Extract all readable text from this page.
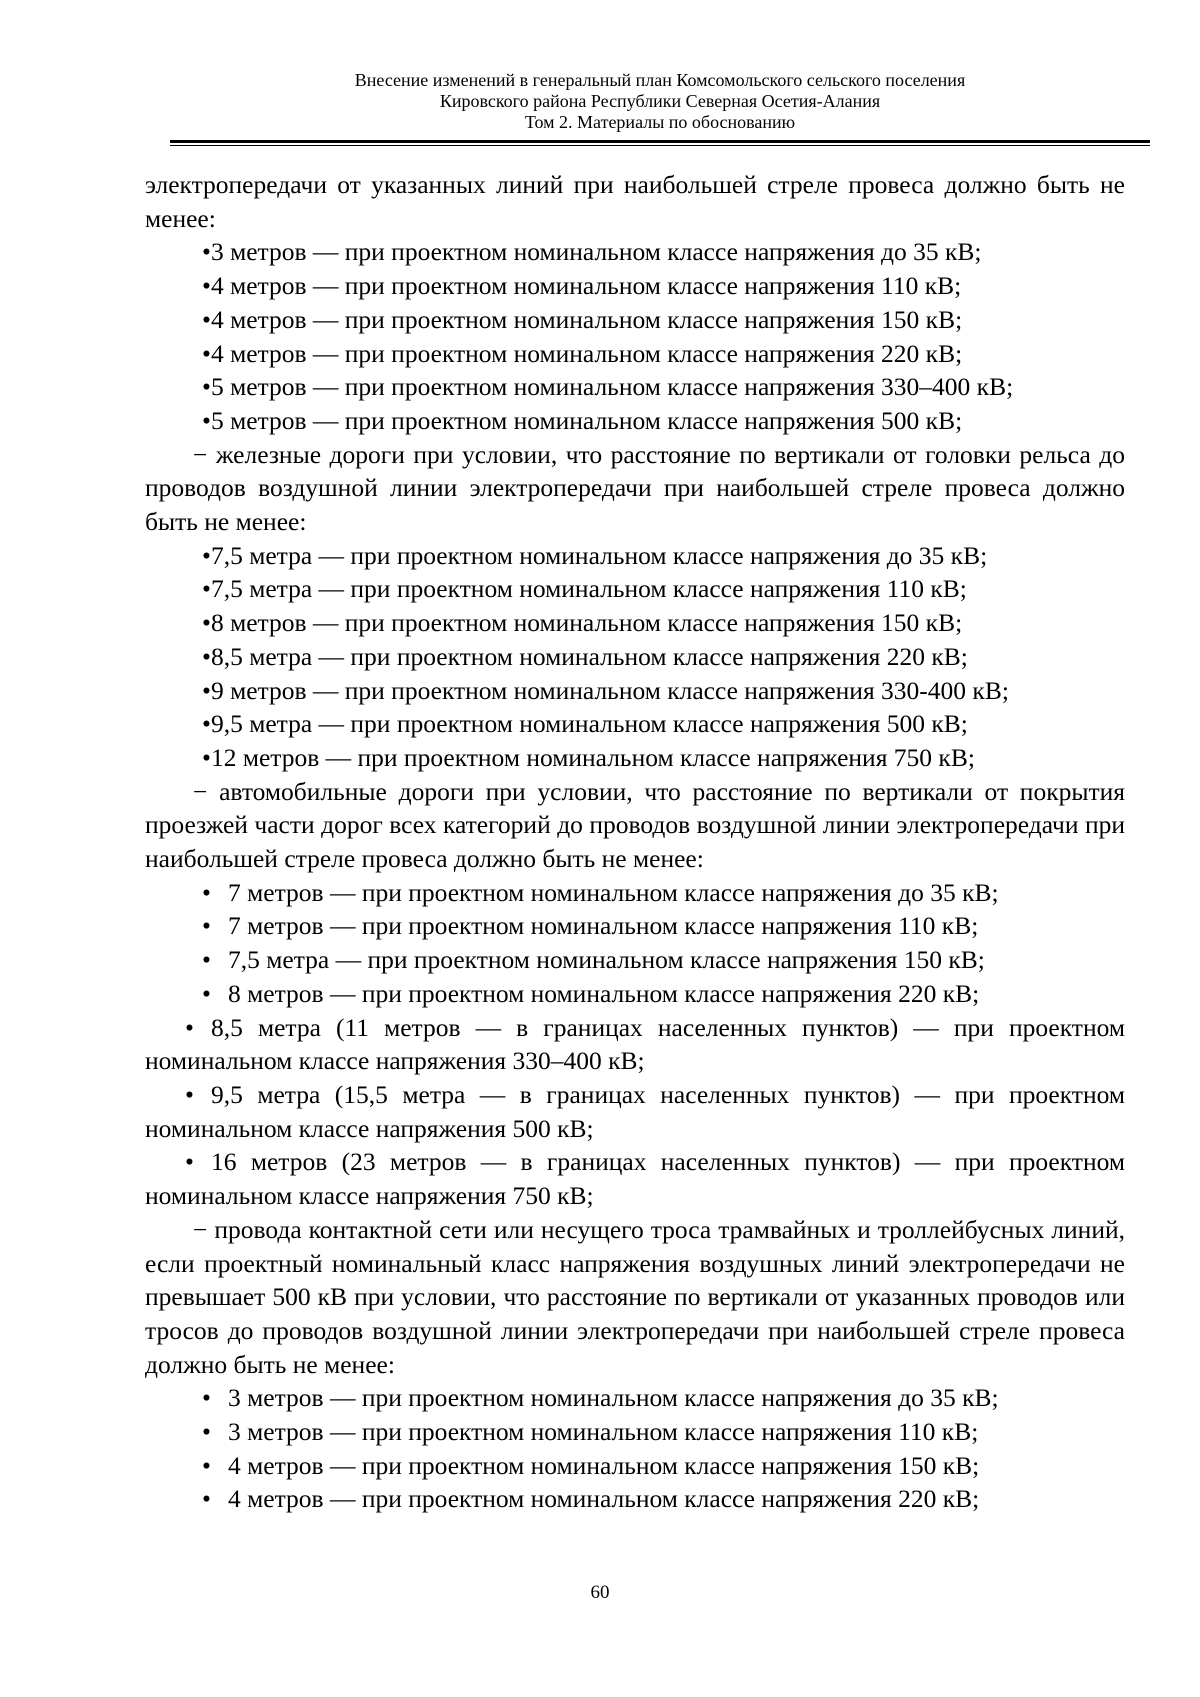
Внесение изменений в генеральный план Комсомольского сельского поселения
Кировского района Республики Северная Осетия-Алания
Том 2. Материалы по обоснованию

электропередачи от указанных линий при наибольшей стреле провеса должно быть не менее:

•3 метров — при проектном номинальном классе напряжения до 35 кВ;

•4 метров — при проектном номинальном классе напряжения 110 кВ;

•4 метров — при проектном номинальном классе напряжения 150 кВ;

•4 метров — при проектном номинальном классе напряжения 220 кВ;

•5 метров — при проектном номинальном классе напряжения 330–400 кВ;

•5 метров — при проектном номинальном классе напряжения 500 кВ;

− железные дороги при условии, что расстояние по вертикали от головки рельса до проводов воздушной линии электропередачи при наибольшей стреле провеса должно быть не менее:

•7,5 метра — при проектном номинальном классе напряжения до 35 кВ;

•7,5 метра — при проектном номинальном классе напряжения 110 кВ;

•8 метров — при проектном номинальном классе напряжения 150 кВ;

•8,5 метра — при проектном номинальном классе напряжения 220 кВ;

•9 метров — при проектном номинальном классе напряжения 330-400 кВ;

•9,5 метра — при проектном номинальном классе напряжения 500 кВ;

•12 метров — при проектном номинальном классе напряжения 750 кВ;

− автомобильные дороги при условии, что расстояние по вертикали от покрытия проезжей части дорог всех категорий до проводов воздушной линии электропередачи при наибольшей стреле провеса должно быть не менее:

• 7 метров — при проектном номинальном классе напряжения до 35 кВ;

• 7 метров — при проектном номинальном классе напряжения 110 кВ;

• 7,5 метра — при проектном номинальном классе напряжения 150 кВ;

• 8 метров — при проектном номинальном классе напряжения 220 кВ;

• 8,5 метра (11 метров — в границах населенных пунктов) — при проектном номинальном классе напряжения 330–400 кВ;

• 9,5 метра (15,5 метра — в границах населенных пунктов) — при проектном номинальном классе напряжения 500 кВ;

• 16 метров (23 метров — в границах населенных пунктов) — при проектном номинальном классе напряжения 750 кВ;

− провода контактной сети или несущего троса трамвайных и троллейбусных линий, если проектный номинальный класс напряжения воздушных линий электропередачи не превышает 500 кВ при условии, что расстояние по вертикали от указанных проводов или тросов до проводов воздушной линии электропередачи при наибольшей стреле провеса должно быть не менее:

• 3 метров — при проектном номинальном классе напряжения до 35 кВ;

• 3 метров — при проектном номинальном классе напряжения 110 кВ;

• 4 метров — при проектном номинальном классе напряжения 150 кВ;

• 4 метров — при проектном номинальном классе напряжения 220 кВ;

60
